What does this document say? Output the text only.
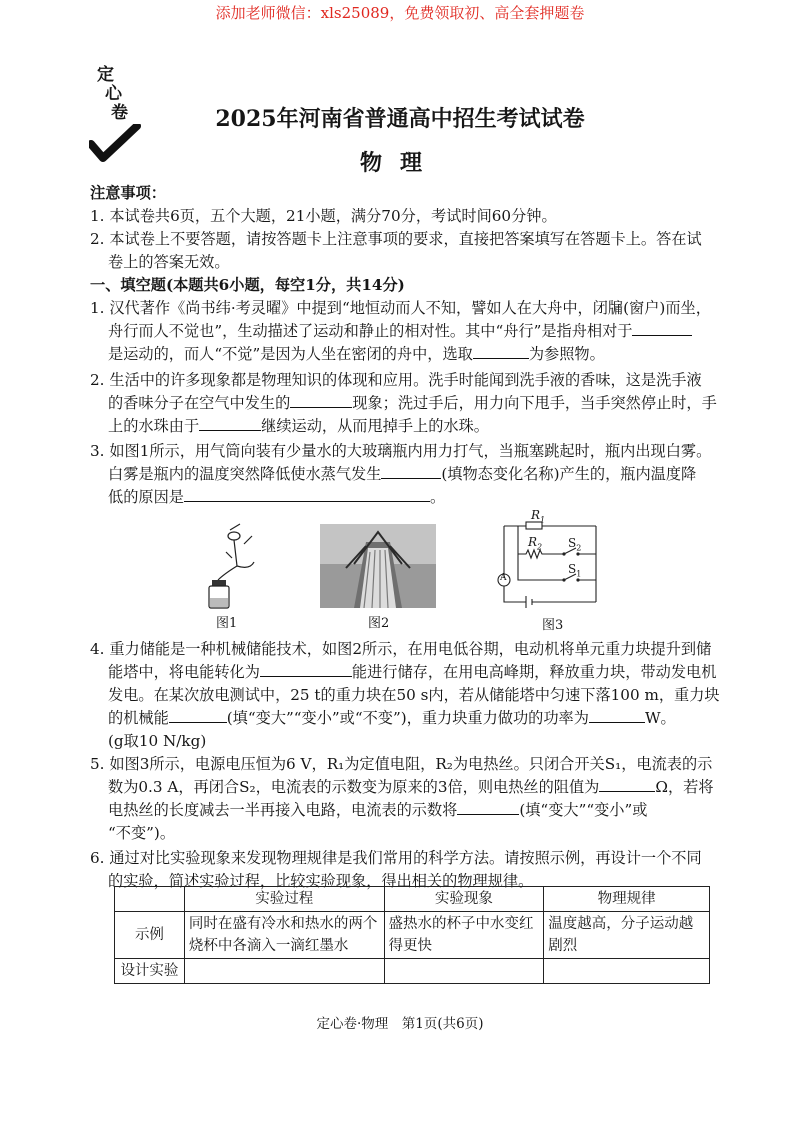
添加老师微信：xls25089，免费领取初、高全套押题卷
定
心
卷	2025年河南省普通高中招生考试试卷
物理
注意事项：
1. 本试卷共6页，五个大题，21小题，满分70分，考试时间60分钟。
2. 本试卷上不要答题，请按答题卡上注意事项的要求，直接把答案填写在答题卡上。答在试
卷上的答案无效。
一、填空题(本题共6小题，每空1分，共14分)
1. 汉代著作《尚书纬·考灵曜》中提到“地恒动而人不知，譬如人在大舟中，闭牖(窗户)而坐，
舟行而人不觉也”，生动描述了运动和静止的相对性。其中“舟行”是指舟相对于
是运动的，而人“不觉”是因为人坐在密闭的舟中，选取	为参照物。
2. 生活中的许多现象都是物理知识的体现和应用。洗手时能闻到洗手液的香味，这是洗手液
的香味分子在空气中发生的	现象；洗过手后，用力向下甩手，当手突然停止时，手
上的水珠由于	继续运动，从而甩掉手上的水珠。
3. 如图1所示，用气筒向装有少量水的大玻璃瓶内用力打气，当瓶塞跳起时，瓶内出现白雾。
白雾是瓶内的温度突然降低使水蒸气发生	(填物态变化名称)产生的，瓶内温度降
低的原因是	。
图1	图2
$R_1$
$R_2$ $S_2$
$S_1$
A
图3
4. 重力储能是一种机械储能技术，如图2所示，在用电低谷期，电动机将单元重力块提升到储
能塔中，将电能转化为	能进行储存，在用电高峰期，释放重力块，带动发电机
发电。在某次放电测试中，25 t的重力块在50 s内，若从储能塔中匀速下落100 m，重力块
的机械能	(填“变大”“变小”或“不变”)，重力块重力做功的功率为	W。
(g取10 N/kg)
5. 如图3所示，电源电压恒为6 V，R₁为定值电阻，R₂为电热丝。只闭合开关S₁，电流表的示
数为0.3 A，再闭合S₂，电流表的示数变为原来的3倍，则电热丝的阻值为	Ω，若将
电热丝的长度减去一半再接入电路，电流表的示数将	(填“变大”“变小”或
“不变”)。
6. 通过对比实验现象来发现物理规律是我们常用的科学方法。请按照示例，再设计一个不同
的实验，简述实验过程，比较实验现象，得出相关的物理规律。
	实验过程	实验现象	物理规律
示例	同时在盛有冷水和热水的两个烧杯中各滴入一滴红墨水	盛热水的杯子中水变红得更快	温度越高，分子运动越剧烈
设计实验			
定心卷·物理　第1页(共6页)
